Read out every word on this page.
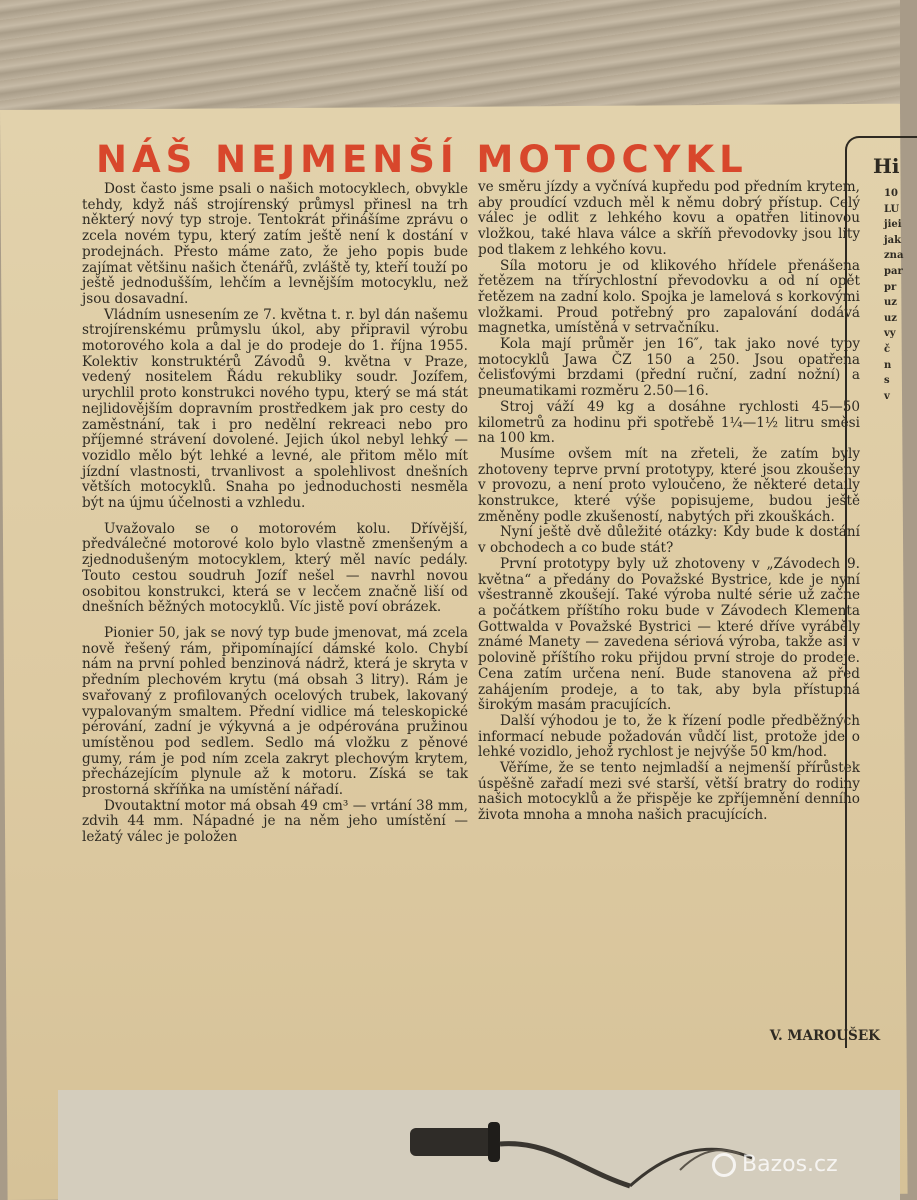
NÁŠ NEJMENŠÍ MOTOCYKL

Dost často jsme psali o našich motocyklech, obvykle tehdy, když náš strojírenský průmysl přinesl na trh některý nový typ stroje. Tentokrát přinášíme zprávu o zcela novém typu, který zatím ještě není k dostání v prodejnách. Přesto máme zato, že jeho popis bude zajímat většinu našich čtenářů, zvláště ty, kteří touží po ještě jednodušším, lehčím a levnějším motocyklu, než jsou dosavadní.

Vládním usnesením ze 7. května t. r. byl dán našemu strojírenskému průmyslu úkol, aby připravil výrobu motorového kola a dal je do prodeje do 1. října 1955. Kolektiv konstruktérů Závodů 9. května v Praze, vedený nositelem Řádu rekubliky soudr. Jozífem, urychlil proto konstrukci nového typu, který se má stát nejlidovějším dopravním prostředkem jak pro cesty do zaměstnání, tak i pro nedělní rekreaci nebo pro příjemné strávení dovolené. Jejich úkol nebyl lehký — vozidlo mělo být lehké a levné, ale přitom mělo mít jízdní vlastnosti, trvanlivost a spolehlivost dnešních větších motocyklů. Snaha po jednoduchosti nesměla být na újmu účelnosti a vzhledu.

Uvažovalo se o motorovém kolu. Dřívější, předválečné motorové kolo bylo vlastně zmenšeným a zjednodušeným motocyklem, který měl navíc pedály. Touto cestou soudruh Jozíf nešel — navrhl novou osobitou konstrukci, která se v lecčem značně liší od dnešních běžných motocyklů. Víc jistě poví obrázek.

Pionier 50, jak se nový typ bude jmenovat, má zcela nově řešený rám, připomínající dámské kolo. Chybí nám na první pohled benzinová nádrž, která je skryta v předním plechovém krytu (má obsah 3 litry). Rám je svařovaný z profilovaných ocelových trubek, lakovaný vypalovaným smaltem. Přední vidlice má teleskopické pérování, zadní je výkyvná a je odpérována pružinou umístěnou pod sedlem. Sedlo má vložku z pěnové gumy, rám je pod ním zcela zakryt plechovým krytem, přecházejícím plynule až k motoru. Získá se tak prostorná skříňka na umístění nářadí.

Dvoutaktní motor má obsah 49 cm³ — vrtání 38 mm, zdvih 44 mm. Nápadné je na něm jeho umístění — ležatý válec je položen

ve směru jízdy a vyčnívá kupředu pod předním krytem, aby proudící vzduch měl k němu dobrý přístup. Celý válec je odlit z lehkého kovu a opatřen litinovou vložkou, také hlava válce a skříň převodovky jsou lity pod tlakem z lehkého kovu.

Síla motoru je od klikového hřídele přenášena řetězem na třírychlostní převodovku a od ní opět řetězem na zadní kolo. Spojka je lamelová s korkovými vložkami. Proud potřebný pro zapalování dodává magnetka, umístěná v setrvačníku.

Kola mají průměr jen 16″, tak jako nové typy motocyklů Jawa ČZ 150 a 250. Jsou opatřena čelisťovými brzdami (přední ruční, zadní nožní) a pneumatikami rozměru 2.50—16.

Stroj váží 49 kg a dosáhne rychlosti 45—50 kilometrů za hodinu při spotřebě 1¼—1½ litru směsi na 100 km.

Musíme ovšem mít na zřeteli, že zatím byly zhotoveny teprve první prototypy, které jsou zkoušeny v provozu, a není proto vyloučeno, že některé detaily konstrukce, které výše popisujeme, budou ještě změněny podle zkušeností, nabytých při zkouškách.

Nyní ještě dvě důležité otázky: Kdy bude k dostání v obchodech a co bude stát?

První prototypy byly už zhotoveny v „Závodech 9. května“ a předány do Považské Bystrice, kde je nyní všestranně zkoušejí. Také výroba nulté série už začne a počátkem příštího roku bude v Závodech Klementa Gottwalda v Považské Bystrici — které dříve vyráběly známé Manety — zavedena sériová výroba, takže asi v polovině příštího roku přijdou první stroje do prodeje. Cena zatím určena není. Bude stanovena až před zahájením prodeje, a to tak, aby byla přístupná širokým masám pracujících.

Další výhodou je to, že k řízení podle předběžných informací nebude požadován vůdčí list, protože jde o lehké vozidlo, jehož rychlost je nejvýše 50 km/hod.

Věříme, že se tento nejmladší a nejmenší přírůstek úspěšně zařadí mezi své starší, větší bratry do rodiny našich motocyklů a že přispěje ke zpříjemnění denního života mnoha a mnoha našich pracujících.

V. MAROUŠEK
Hi
10
LU
jiei
jak
zna
par
pr
uz
uz
vy
č
n
s
v
Bazos.cz
